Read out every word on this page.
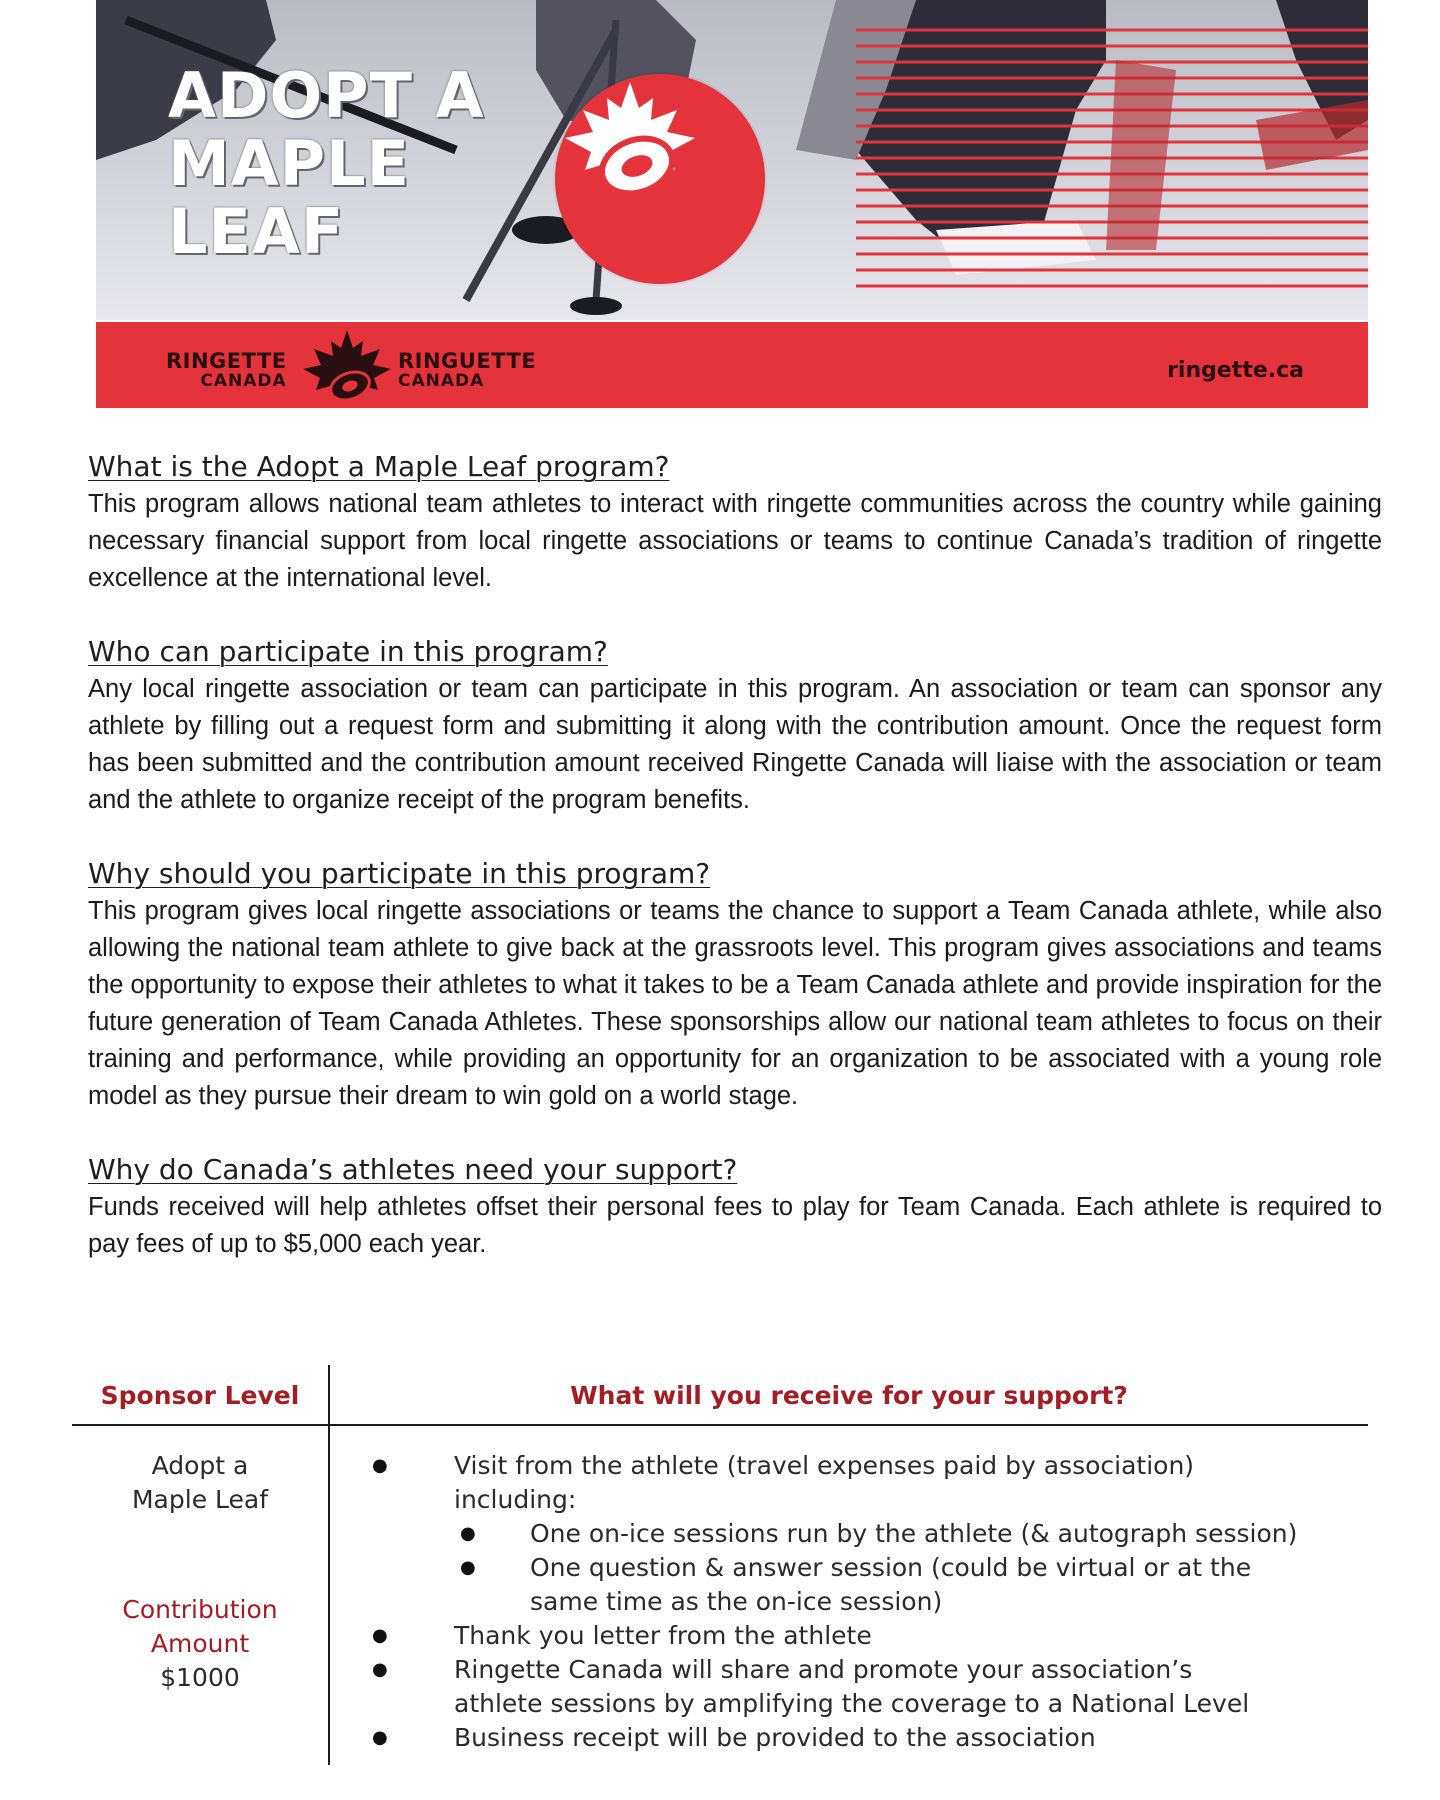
ADOPT A
MAPLE
LEAF
RINGETTE
CANADA
RINGUETTE
CANADA	ringette.ca

What is the Adopt a Maple Leaf program?

This program allows national team athletes to interact with ringette communities across the country while gaining necessary financial support from local ringette associations or teams to continue Canada’s tradition of ringette excellence at the international level.

Who can participate in this program?

Any local ringette association or team can participate in this program. An association or team can sponsor any athlete by filling out a request form and submitting it along with the contribution amount. Once the request form has been submitted and the contribution amount received Ringette Canada will liaise with the association or team and the athlete to organize receipt of the program benefits.

Why should you participate in this program?

This program gives local ringette associations or teams the chance to support a Team Canada athlete, while also allowing the national team athlete to give back at the grassroots level. This program gives associations and teams the opportunity to expose their athletes to what it takes to be a Team Canada athlete and provide inspiration for the future generation of Team Canada Athletes. These sponsorships allow our national team athletes to focus on their training and performance, while providing an opportunity for an organization to be associated with a young role model as they pursue their dream to win gold on a world stage.

Why do Canada’s athletes need your support?

Funds received will help athletes offset their personal fees to play for Team Canada. Each athlete is required to pay fees of up to $5,000 each year.

Sponsor Level	What will you receive for your support?
Adopt a
Maple Leaf
Contribution
Amount
$1000
● Visit from the athlete (travel expenses paid by association)
including:
● One on-ice sessions run by the athlete (& autograph session)
● One question & answer session (could be virtual or at the
same time as the on-ice session)
● Thank you letter from the athlete
● Ringette Canada will share and promote your association’s
athlete sessions by amplifying the coverage to a National Level
● Business receipt will be provided to the association
